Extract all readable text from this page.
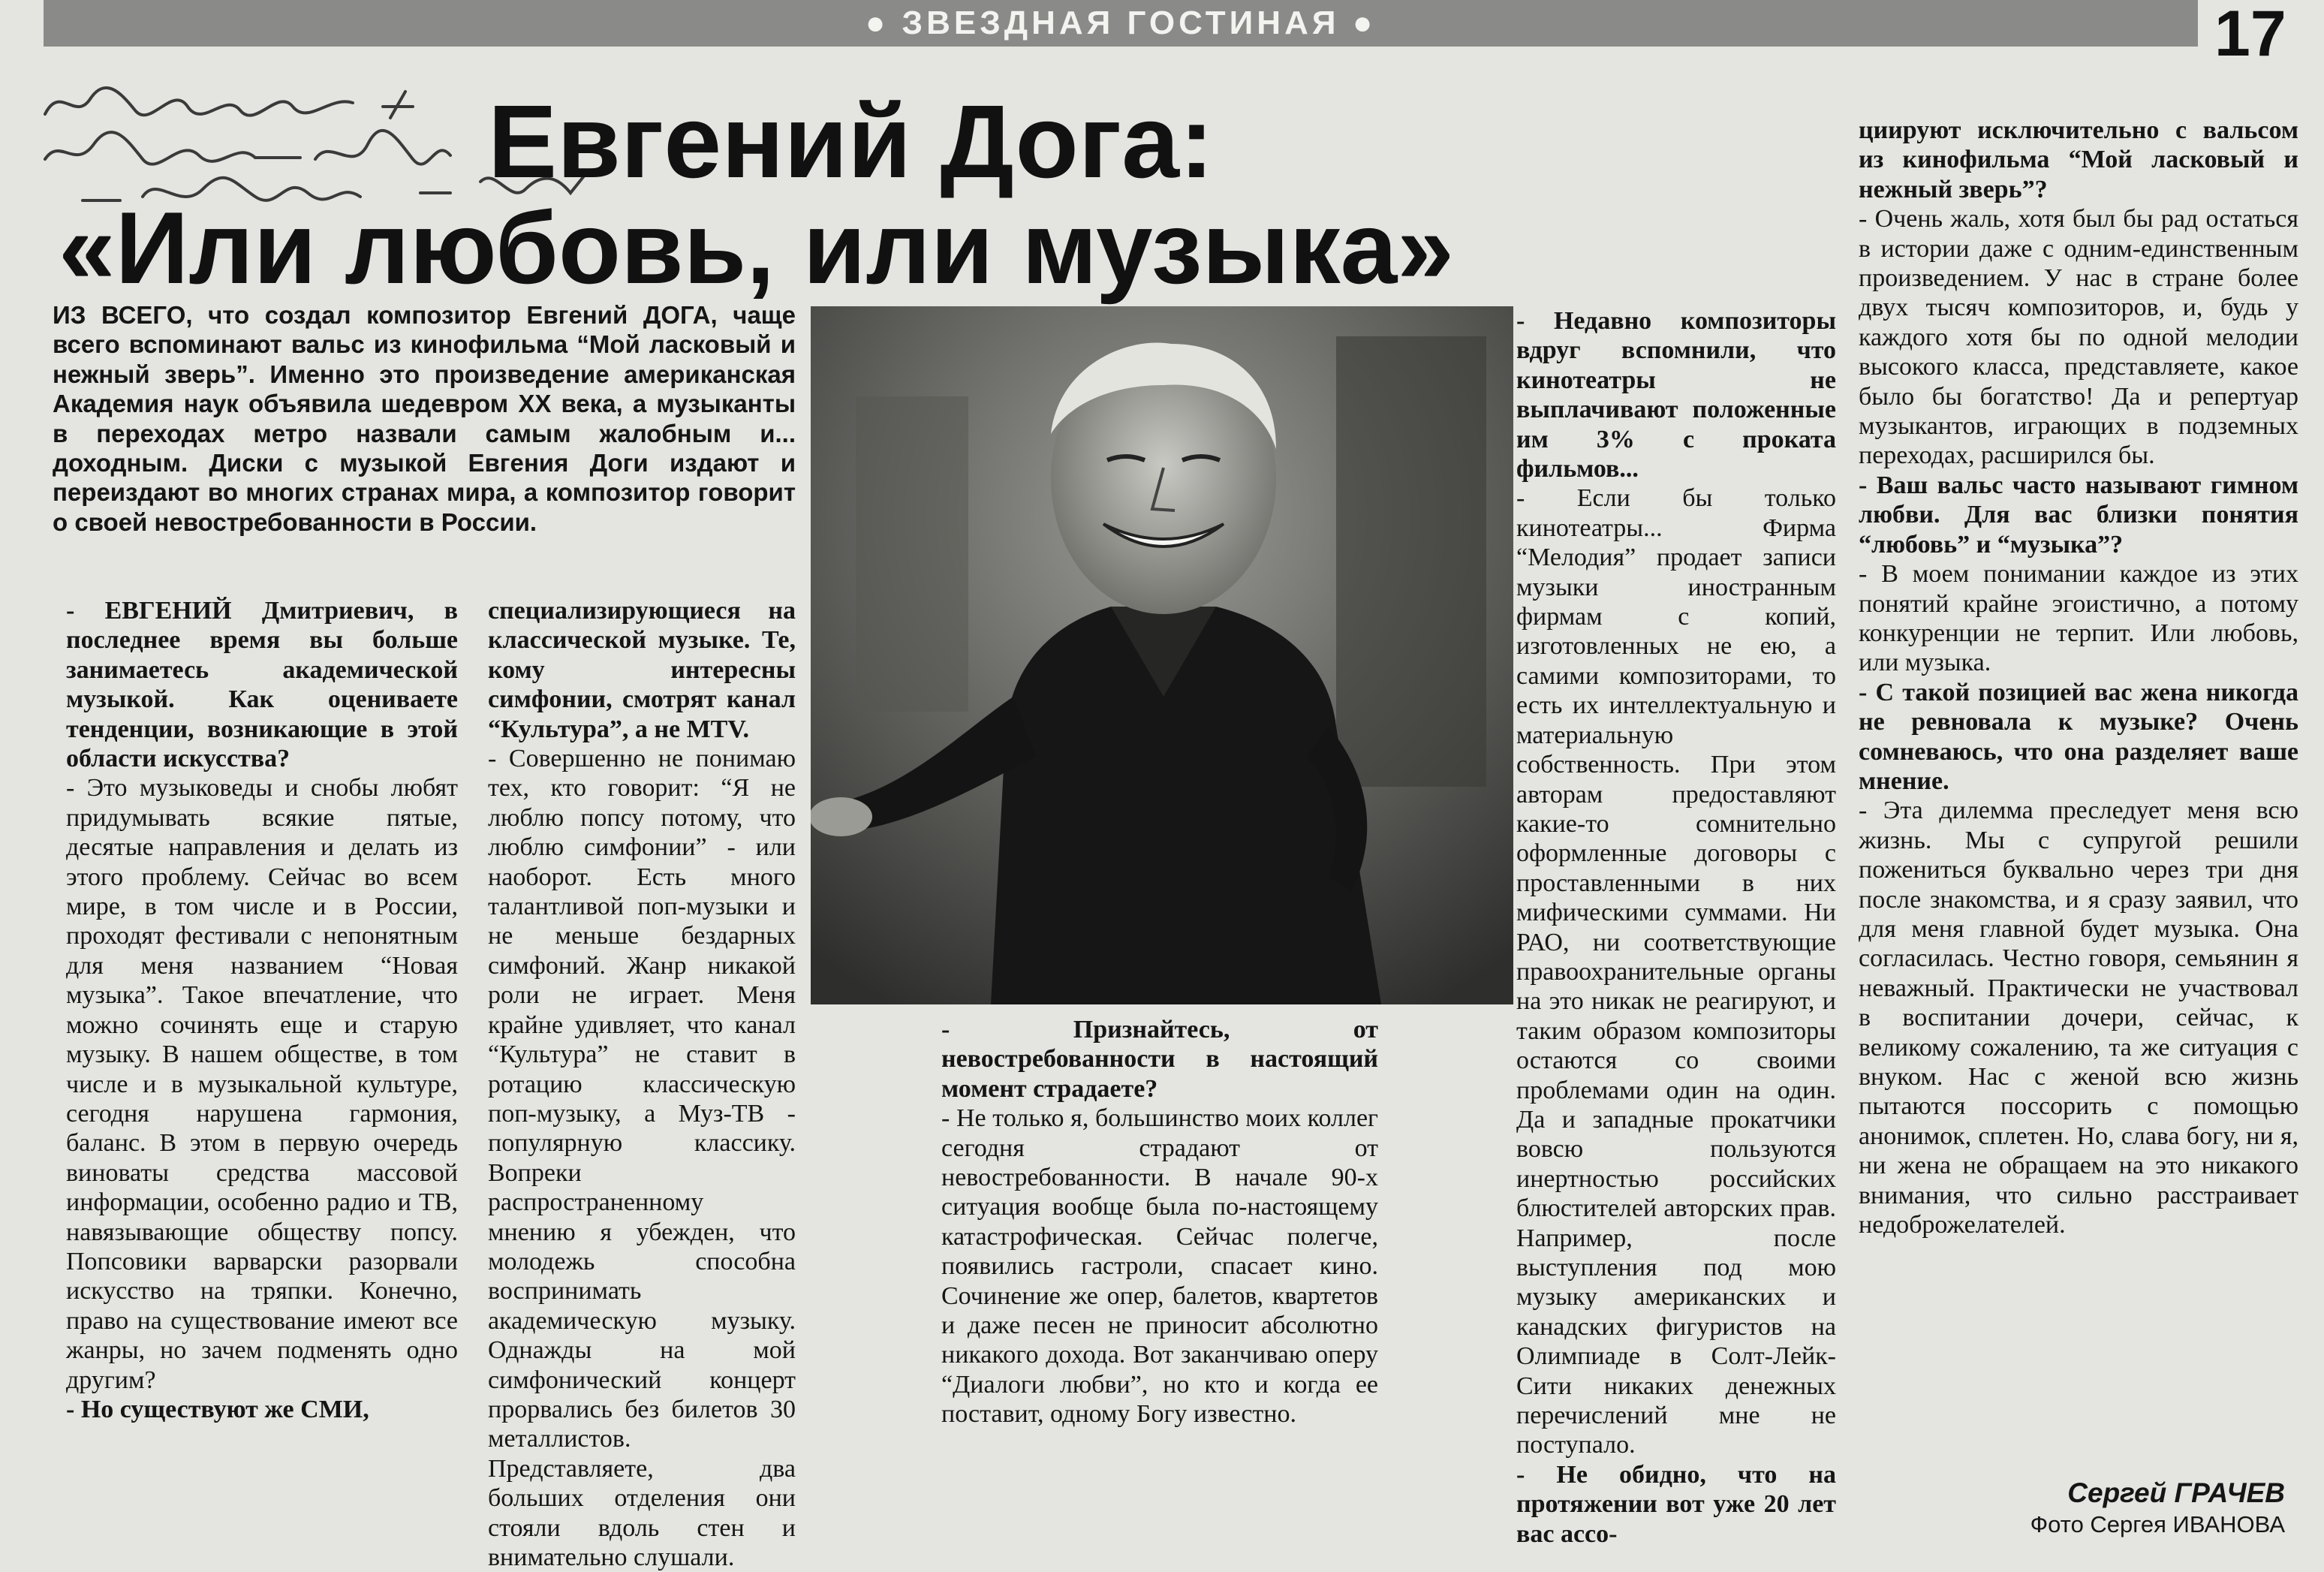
● ЗВЕЗДНАЯ ГОСТИНАЯ ●	17
Евгений Дога:
«Или любовь, или музыка»
ИЗ ВСЕГО, что создал композитор Евгений ДОГА, чаще всего вспоминают вальс из кинофильма “Мой ласковый и нежный зверь”. Именно это произведение американская Академия наук объявила шедевром XX века, а музыканты в переходах метро назвали самым жалобным и... доходным. Диски с музыкой Евгения Доги издают и переиздают во многих странах мира, а композитор говорит о своей невостребованности в России.

- ЕВГЕНИЙ Дмитриевич, в последнее время вы больше занимаетесь академической музыкой. Как оцениваете тенденции, возникающие в этой области искусства?

- Это музыковеды и снобы любят придумывать всякие пятые, десятые направления и делать из этого проблему. Сейчас во всем мире, в том числе и в России, проходят фестивали с непонятным для меня названием “Новая музыка”. Такое впечатление, что можно сочинять еще и старую музыку. В нашем обществе, в том числе и в музыкальной культуре, сегодня нарушена гармония, баланс. В этом в первую очередь виноваты средства массовой информации, особенно радио и ТВ, навязывающие обществу попсу. Попсовики варварски разорвали искусство на тряпки. Конечно, право на существование имеют все жанры, но зачем подменять одно другим?

- Но существуют же СМИ,

специализирующиеся на классической музыке. Те, кому интересны симфонии, смотрят канал “Культура”, а не MTV.

- Совершенно не понимаю тех, кто говорит: “Я не люблю попсу потому, что люблю симфонии” - или наоборот. Есть много талантливой поп-музыки и не меньше бездарных симфоний. Жанр никакой роли не играет. Меня крайне удивляет, что канал “Культура” не ставит в ротацию классическую поп-музыку, а Муз-ТВ - популярную классику. Вопреки распространенному мнению я убежден, что молодежь способна воспринимать академическую музыку. Однажды на мой симфонический концерт прорвались без билетов 30 металлистов. Представляете, два больших отделения они стояли вдоль стен и внимательно слушали.

- Признайтесь, от невостребованности в настоящий момент страдаете?

- Не только я, большинство моих коллег сегодня страдают от невостребованности. В начале 90-х ситуация вообще была по-настоящему катастрофическая. Сейчас полегче, появились гастроли, спасает кино. Сочинение же опер, балетов, квартетов и даже песен не приносит абсолютно никакого дохода. Вот заканчиваю оперу “Диалоги любви”, но кто и когда ее поставит, одному Богу известно.

- Недавно композиторы вдруг вспомнили, что кинотеатры не выплачивают положенные им 3% с проката фильмов...

- Если бы только кинотеатры... Фирма “Мелодия” продает записи музыки иностранным фирмам с копий, изготовленных не ею, а самими композиторами, то есть их интеллектуальную и материальную собственность. При этом авторам предоставляют какие-то сомнительно оформленные договоры с проставленными в них мифическими суммами. Ни РАО, ни соответствующие правоохранительные органы на это никак не реагируют, и таким образом композиторы остаются со своими проблемами один на один. Да и западные прокатчики вовсю пользуются инертностью российских блюстителей авторских прав. Например, после выступления под мою музыку американских и канадских фигуристов на Олимпиаде в Солт-Лейк-Сити никаких денежных перечислений мне не поступало.

- Не обидно, что на протяжении вот уже 20 лет вас ассо-

циируют исключительно с вальсом из кинофильма “Мой ласковый и нежный зверь”?

- Очень жаль, хотя был бы рад остаться в истории даже с одним-единственным произведением. У нас в стране более двух тысяч композиторов, и, будь у каждого хотя бы по одной мелодии высокого класса, представляете, какое было бы богатство! Да и репертуар музыкантов, играющих в подземных переходах, расширился бы.

- Ваш вальс часто называют гимном любви. Для вас близки понятия “любовь” и “музыка”?

- В моем понимании каждое из этих понятий крайне эгоистично, а потому конкуренции не терпит. Или любовь, или музыка.

- С такой позицией вас жена никогда не ревновала к музыке? Очень сомневаюсь, что она разделяет ваше мнение.

- Эта дилемма преследует меня всю жизнь. Мы с супругой решили пожениться буквально через три дня после знакомства, и я сразу заявил, что для меня главной будет музыка. Она согласилась. Честно говоря, семьянин я неважный. Практически не участвовал в воспитании дочери, сейчас, к великому сожалению, та же ситуация с внуком. Нас с женой всю жизнь пытаются поссорить с помощью анонимок, сплетен. Но, слава богу, ни я, ни жена не обращаем на это никакого внимания, что сильно расстраивает недоброжелателей.

Сергей ГРАЧЕВ
Фото Сергея ИВАНОВА
